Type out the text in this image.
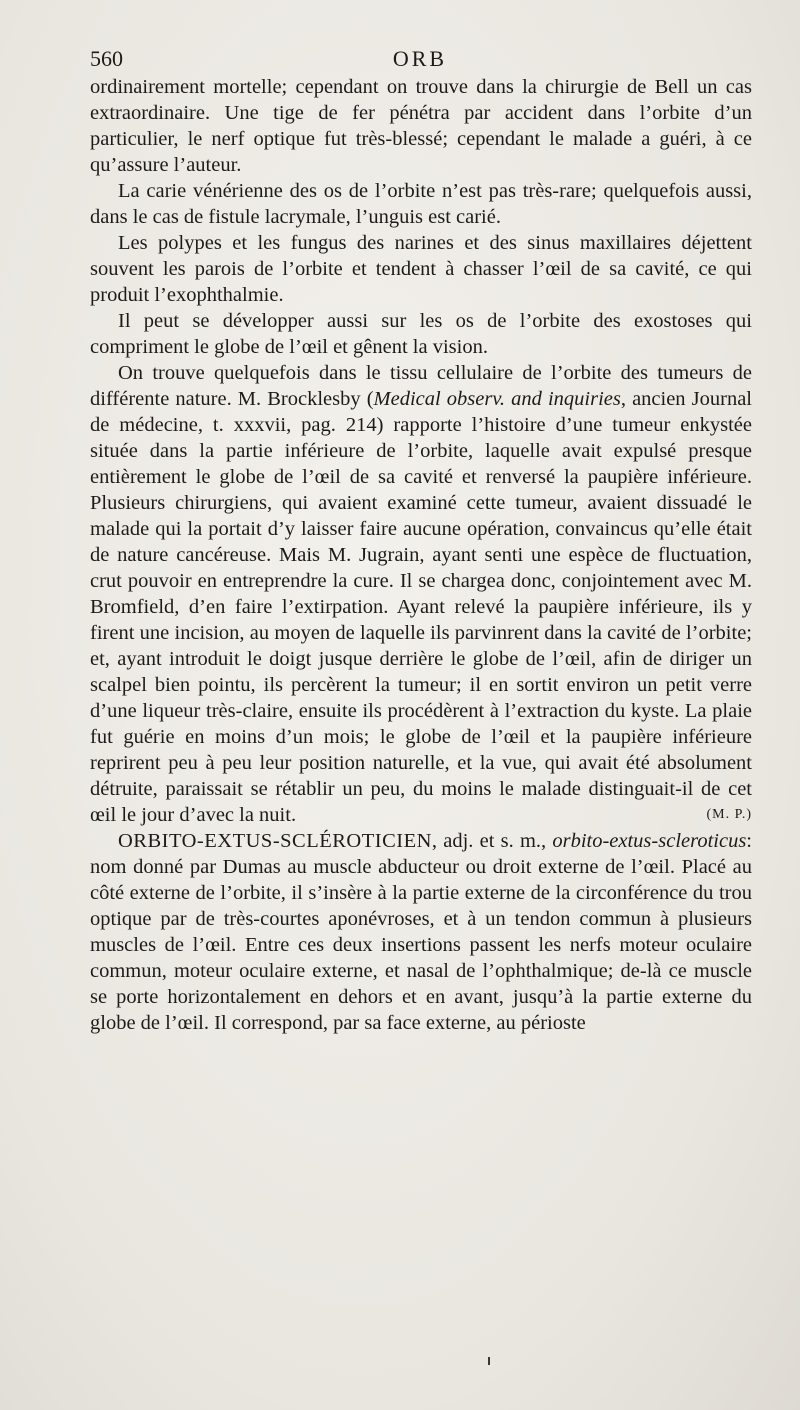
560	ORB

ordinairement mortelle; cependant on trouve dans la chirurgie de Bell un cas extraordinaire. Une tige de fer pénétra par accident dans l’orbite d’un particulier, le nerf optique fut très-blessé; cependant le malade a guéri, à ce qu’assure l’auteur.

La carie vénérienne des os de l’orbite n’est pas très-rare; quelquefois aussi, dans le cas de fistule lacrymale, l’unguis est carié.

Les polypes et les fungus des narines et des sinus maxillaires déjettent souvent les parois de l’orbite et tendent à chasser l’œil de sa cavité, ce qui produit l’exophthalmie.

Il peut se développer aussi sur les os de l’orbite des exostoses qui compriment le globe de l’œil et gênent la vision.

On trouve quelquefois dans le tissu cellulaire de l’orbite des tumeurs de différente nature. M. Brocklesby (Medical observ. and inquiries, ancien Journal de médecine, t. xxxvii, pag. 214) rapporte l’histoire d’une tumeur enkystée située dans la partie inférieure de l’orbite, laquelle avait expulsé presque entièrement le globe de l’œil de sa cavité et renversé la paupière inférieure. Plusieurs chirurgiens, qui avaient examiné cette tumeur, avaient dissuadé le malade qui la portait d’y laisser faire aucune opération, convaincus qu’elle était de nature cancéreuse. Mais M. Jugrain, ayant senti une espèce de fluctuation, crut pouvoir en entreprendre la cure. Il se chargea donc, conjointement avec M. Bromfield, d’en faire l’extirpation. Ayant relevé la paupière inférieure, ils y firent une incision, au moyen de laquelle ils parvinrent dans la cavité de l’orbite; et, ayant introduit le doigt jusque derrière le globe de l’œil, afin de diriger un scalpel bien pointu, ils percèrent la tumeur; il en sortit environ un petit verre d’une liqueur très-claire, ensuite ils procédèrent à l’extraction du kyste. La plaie fut guérie en moins d’un mois; le globe de l’œil et la paupière inférieure reprirent peu à peu leur position naturelle, et la vue, qui avait été absolument détruite, paraissait se rétablir un peu, du moins le malade distinguait-il de cet œil le jour d’avec la nuit.	(M. P.)

ORBITO-EXTUS-SCLÉROTICIEN, adj. et s. m., orbito-extus-scleroticus: nom donné par Dumas au muscle abducteur ou droit externe de l’œil. Placé au côté externe de l’orbite, il s’insère à la partie externe de la circonférence du trou optique par de très-courtes aponévroses, et à un tendon commun à plusieurs muscles de l’œil. Entre ces deux insertions passent les nerfs moteur oculaire commun, moteur oculaire externe, et nasal de l’ophthalmique; de-là ce muscle se porte horizontalement en dehors et en avant, jusqu’à la partie externe du globe de l’œil. Il correspond, par sa face externe, au périoste
